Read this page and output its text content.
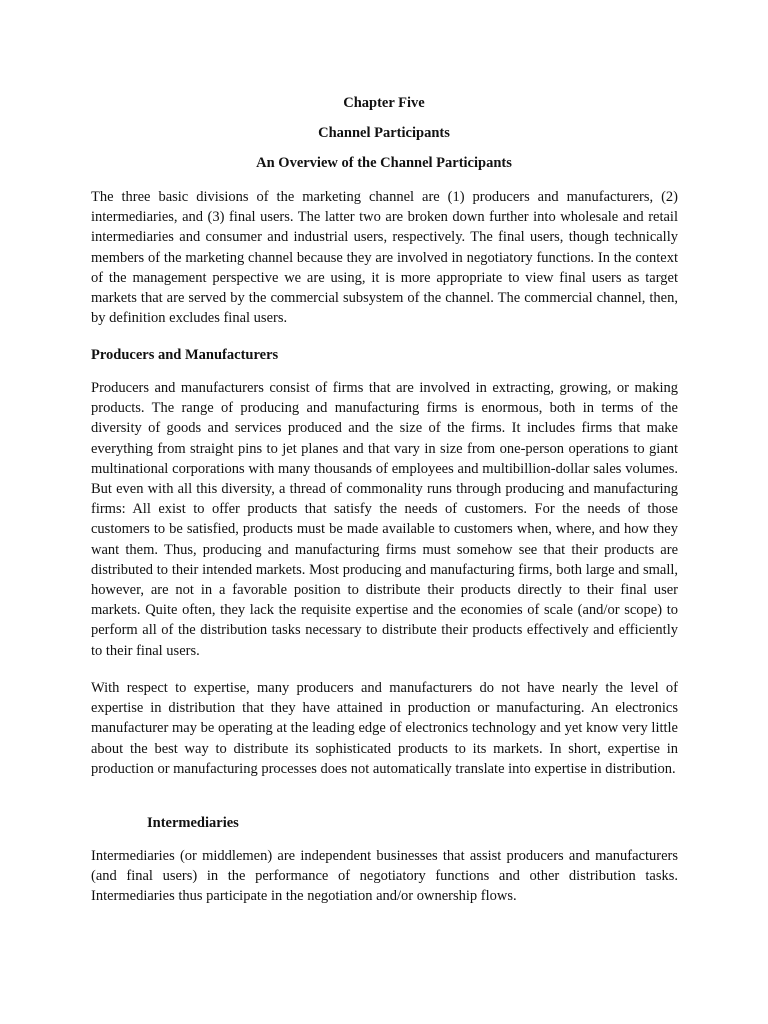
Chapter Five
Channel Participants
An Overview of the Channel Participants

The three basic divisions of the marketing channel are (1) producers and manufacturers, (2) intermediaries, and (3) final users. The latter two are broken down further into wholesale and retail intermediaries and consumer and industrial users, respectively. The final users, though technically members of the marketing channel because they are involved in negotiatory functions. In the context of the management perspective we are using, it is more appropriate to view final users as target markets that are served by the commercial subsystem of the channel. The commercial channel, then, by definition excludes final users.

Producers and Manufacturers

Producers and manufacturers consist of firms that are involved in extracting, growing, or making products. The range of producing and manufacturing firms is enormous, both in terms of the diversity of goods and services produced and the size of the firms. It includes firms that make everything from straight pins to jet planes and that vary in size from one-person operations to giant multinational corporations with many thousands of employees and multibillion-dollar sales volumes. But even with all this diversity, a thread of commonality runs through producing and manufacturing firms: All exist to offer products that satisfy the needs of customers. For the needs of those customers to be satisfied, products must be made available to customers when, where, and how they want them. Thus, producing and manufacturing firms must somehow see that their products are distributed to their intended markets. Most producing and manufacturing firms, both large and small, however, are not in a favorable position to distribute their products directly to their final user markets. Quite often, they lack the requisite expertise and the economies of scale (and/or scope) to perform all of the distribution tasks necessary to distribute their products effectively and efficiently to their final users.

With respect to expertise, many producers and manufacturers do not have nearly the level of expertise in distribution that they have attained in production or manufacturing. An electronics manufacturer may be operating at the leading edge of electronics technology and yet know very little about the best way to distribute its sophisticated products to its markets. In short, expertise in production or manufacturing processes does not automatically translate into expertise in distribution.

Intermediaries

Intermediaries (or middlemen) are independent businesses that assist producers and manufacturers (and final users) in the performance of negotiatory functions and other distribution tasks. Intermediaries thus participate in the negotiation and/or ownership flows.
